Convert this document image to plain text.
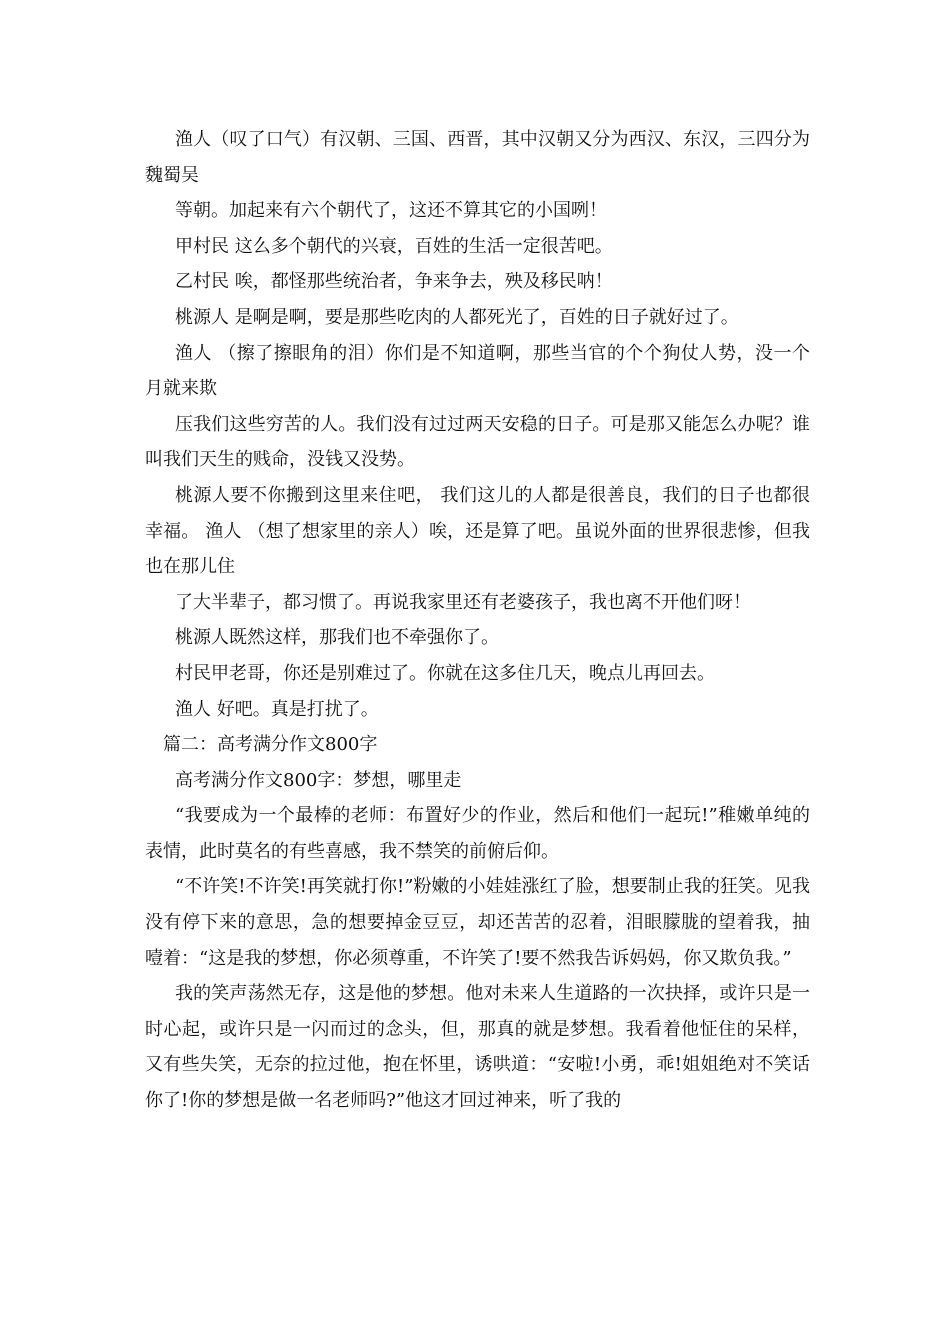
渔人（叹了口气）有汉朝、三国、西晋，其中汉朝又分为西汉、东汉，三四分为魏蜀吴

等朝。加起来有六个朝代了，这还不算其它的小国咧！

甲村民 这么多个朝代的兴衰，百姓的生活一定很苦吧。

乙村民 唉，都怪那些统治者，争来争去，殃及移民呐！

桃源人 是啊是啊，要是那些吃肉的人都死光了，百姓的日子就好过了。

渔人 （擦了擦眼角的泪）你们是不知道啊，那些当官的个个狗仗人势，没一个月就来欺

压我们这些穷苦的人。我们没有过过两天安稳的日子。可是那又能怎么办呢？谁叫我们天生的贱命，没钱又没势。

桃源人要不你搬到这里来住吧， 我们这儿的人都是很善良，我们的日子也都很幸福。 渔人 （想了想家里的亲人）唉，还是算了吧。虽说外面的世界很悲惨，但我也在那儿住

了大半辈子，都习惯了。再说我家里还有老婆孩子，我也离不开他们呀！

桃源人既然这样，那我们也不牵强你了。

村民甲老哥，你还是别难过了。你就在这多住几天，晚点儿再回去。

渔人 好吧。真是打扰了。

篇二：高考满分作文800字

高考满分作文800字：梦想，哪里走

“我要成为一个最棒的老师：布置好少的作业，然后和他们一起玩!”稚嫩单纯的表情，此时莫名的有些喜感，我不禁笑的前俯后仰。

“不许笑!不许笑!再笑就打你!”粉嫩的小娃娃涨红了脸，想要制止我的狂笑。见我没有停下来的意思，急的想要掉金豆豆，却还苦苦的忍着，泪眼朦胧的望着我，抽噎着：“这是我的梦想，你必须尊重，不许笑了!要不然我告诉妈妈，你又欺负我。”

我的笑声荡然无存，这是他的梦想。他对未来人生道路的一次抉择，或许只是一时心起，或许只是一闪而过的念头，但，那真的就是梦想。我看着他怔住的呆样，又有些失笑，无奈的拉过他，抱在怀里，诱哄道：“安啦!小勇，乖!姐姐绝对不笑话你了!你的梦想是做一名老师吗?”他这才回过神来，听了我的
